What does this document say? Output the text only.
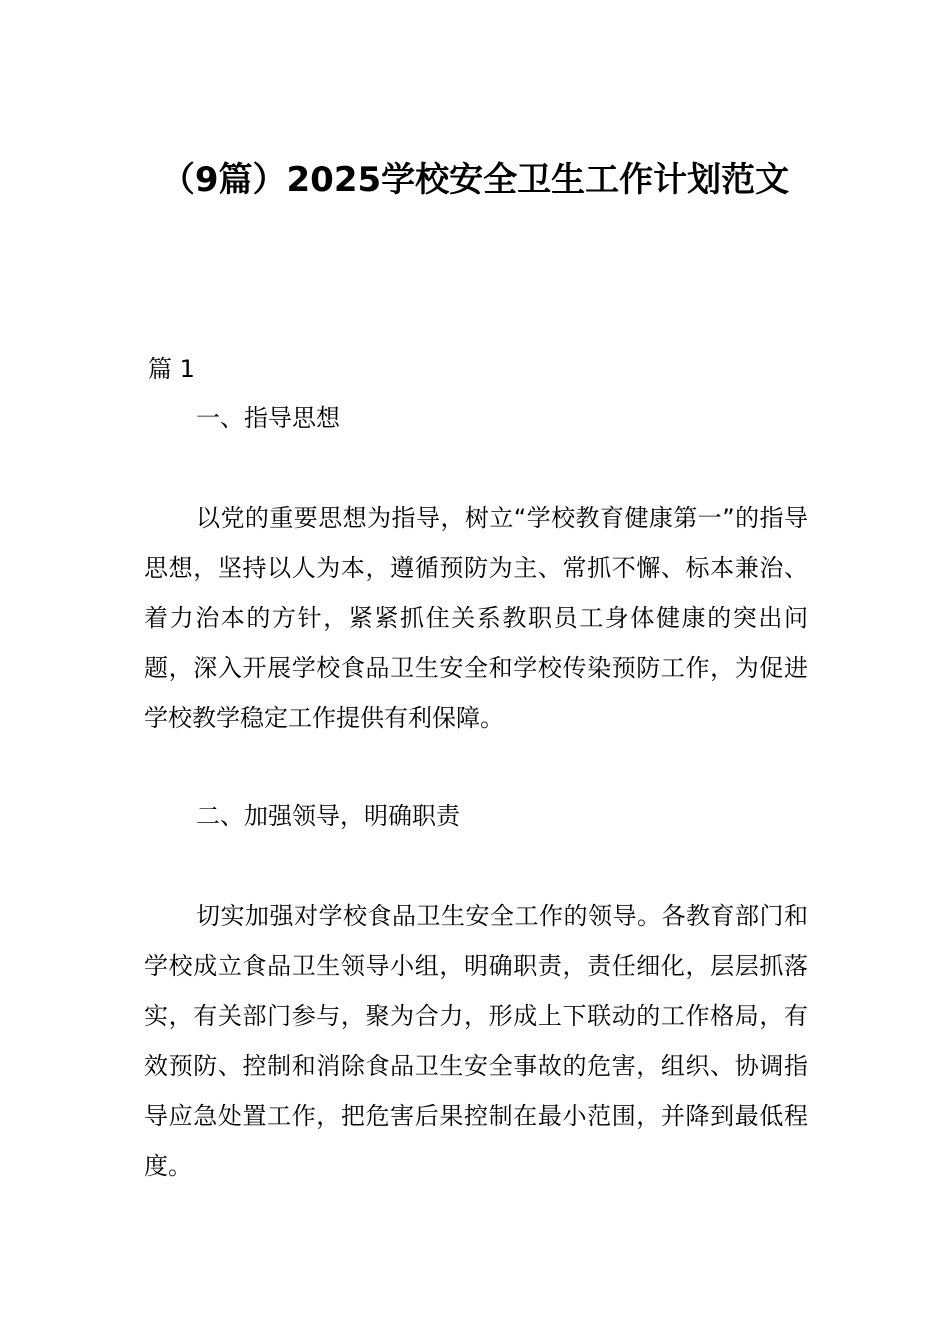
（9篇）2025学校安全卫生工作计划范文

篇 1

一、指导思想

以党的重要思想为指导，树立“学校教育健康第一”的指导思想，坚持以人为本，遵循预防为主、常抓不懈、标本兼治、着力治本的方针，紧紧抓住关系教职员工身体健康的突出问题，深入开展学校食品卫生安全和学校传染预防工作，为促进学校教学稳定工作提供有利保障。

二、加强领导，明确职责

切实加强对学校食品卫生安全工作的领导。各教育部门和学校成立食品卫生领导小组，明确职责，责任细化，层层抓落实，有关部门参与，聚为合力，形成上下联动的工作格局，有效预防、控制和消除食品卫生安全事故的危害，组织、协调指导应急处置工作，把危害后果控制在最小范围，并降到最低程度。
